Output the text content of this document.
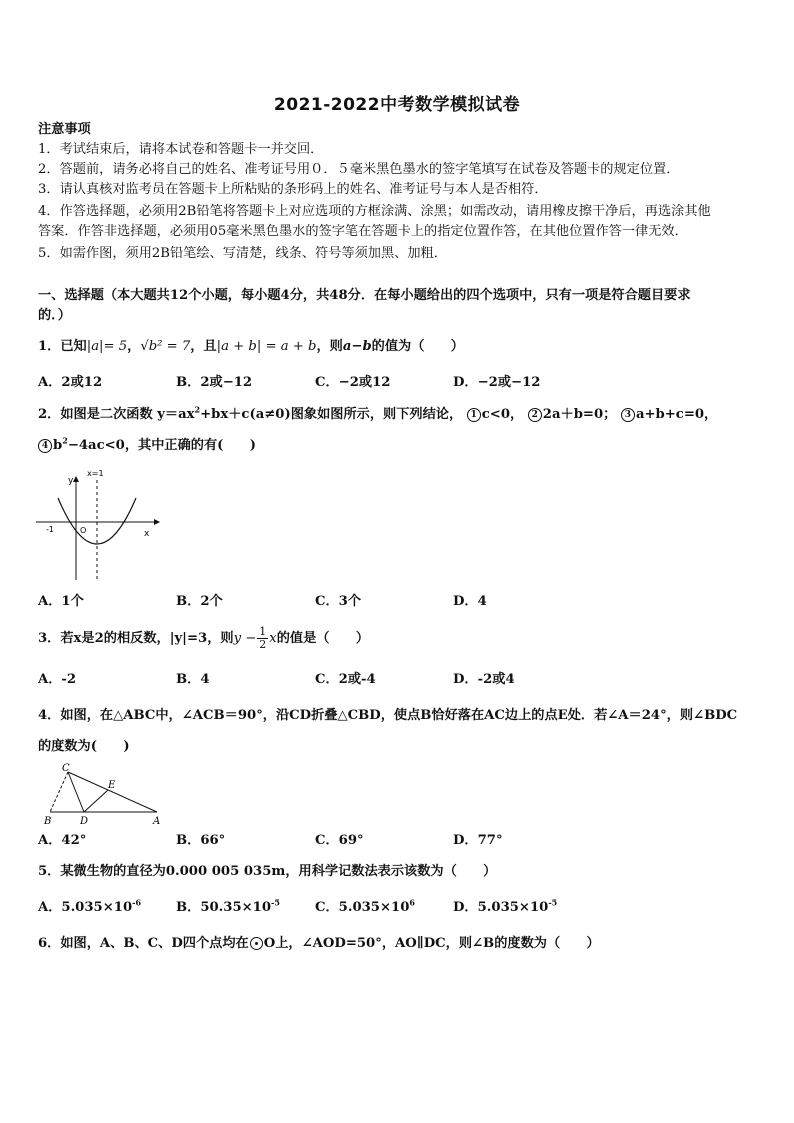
2021-2022中考数学模拟试卷
注意事项
1．考试结束后，请将本试卷和答题卡一并交回．
2．答题前，请务必将自己的姓名、准考证号用０．５毫米黑色墨水的签字笔填写在试卷及答题卡的规定位置．
3．请认真核对监考员在答题卡上所粘贴的条形码上的姓名、准考证号与本人是否相符．
4．作答选择题，必须用2B铅笔将答题卡上对应选项的方框涂满、涂黑；如需改动，请用橡皮擦干净后，再选涂其他
答案．作答非选择题，必须用05毫米黑色墨水的签字笔在答题卡上的指定位置作答，在其他位置作答一律无效．
5．如需作图，须用2B铅笔绘、写清楚，线条、符号等须加黑、加粗．
一、选择题（本大题共12个小题，每小题4分，共48分．在每小题给出的四个选项中，只有一项是符合题目要求
的．）
1．已知|a|= 5，√b² = 7，且|a + b| = a + b，则a−b的值为（　　）
A．2或12	B．2或−12	C．−2或12	D．−2或−12
2．如图是二次函数 $y=ax^2+bx+c(a\ne 0)$图象如图所示，则下列结论， 1 c<0， 2 2a＋b=0； 3 a+b+c=0，
4 $b^2-4ac<0$，其中正确的有(　　)
x=1
y
x
O
-1
A．1个	B．2个	C．3个	D．4
3．若x是2的相反数，|y|=3，则$y - \frac{1}{2}$ x的值是（　　）
A．-2	B．4	C．2或-4	D．-2或4
4．如图，在△ABC中，∠ACB＝90°，沿CD折叠△CBD，使点B恰好落在AC边上的点E处．若∠A＝24°，则∠BDC
的度数为(　　)
C
E
B	D	A
A．42°	B．66°	C．69°	D．77°
5．某微生物的直径为0.000 005 035m，用科学记数法表示该数为（　　）
A．$5.035\times 10^{-6}$	B．$50.35\times 10^{-5}$	C．$5.035\times 10^6$	D．$5.035\times 10^{-5}$
6．如图，A、B、C、D四个点均在 O上，∠AOD=50°，AO∥DC，则∠B的度数为（　　）
